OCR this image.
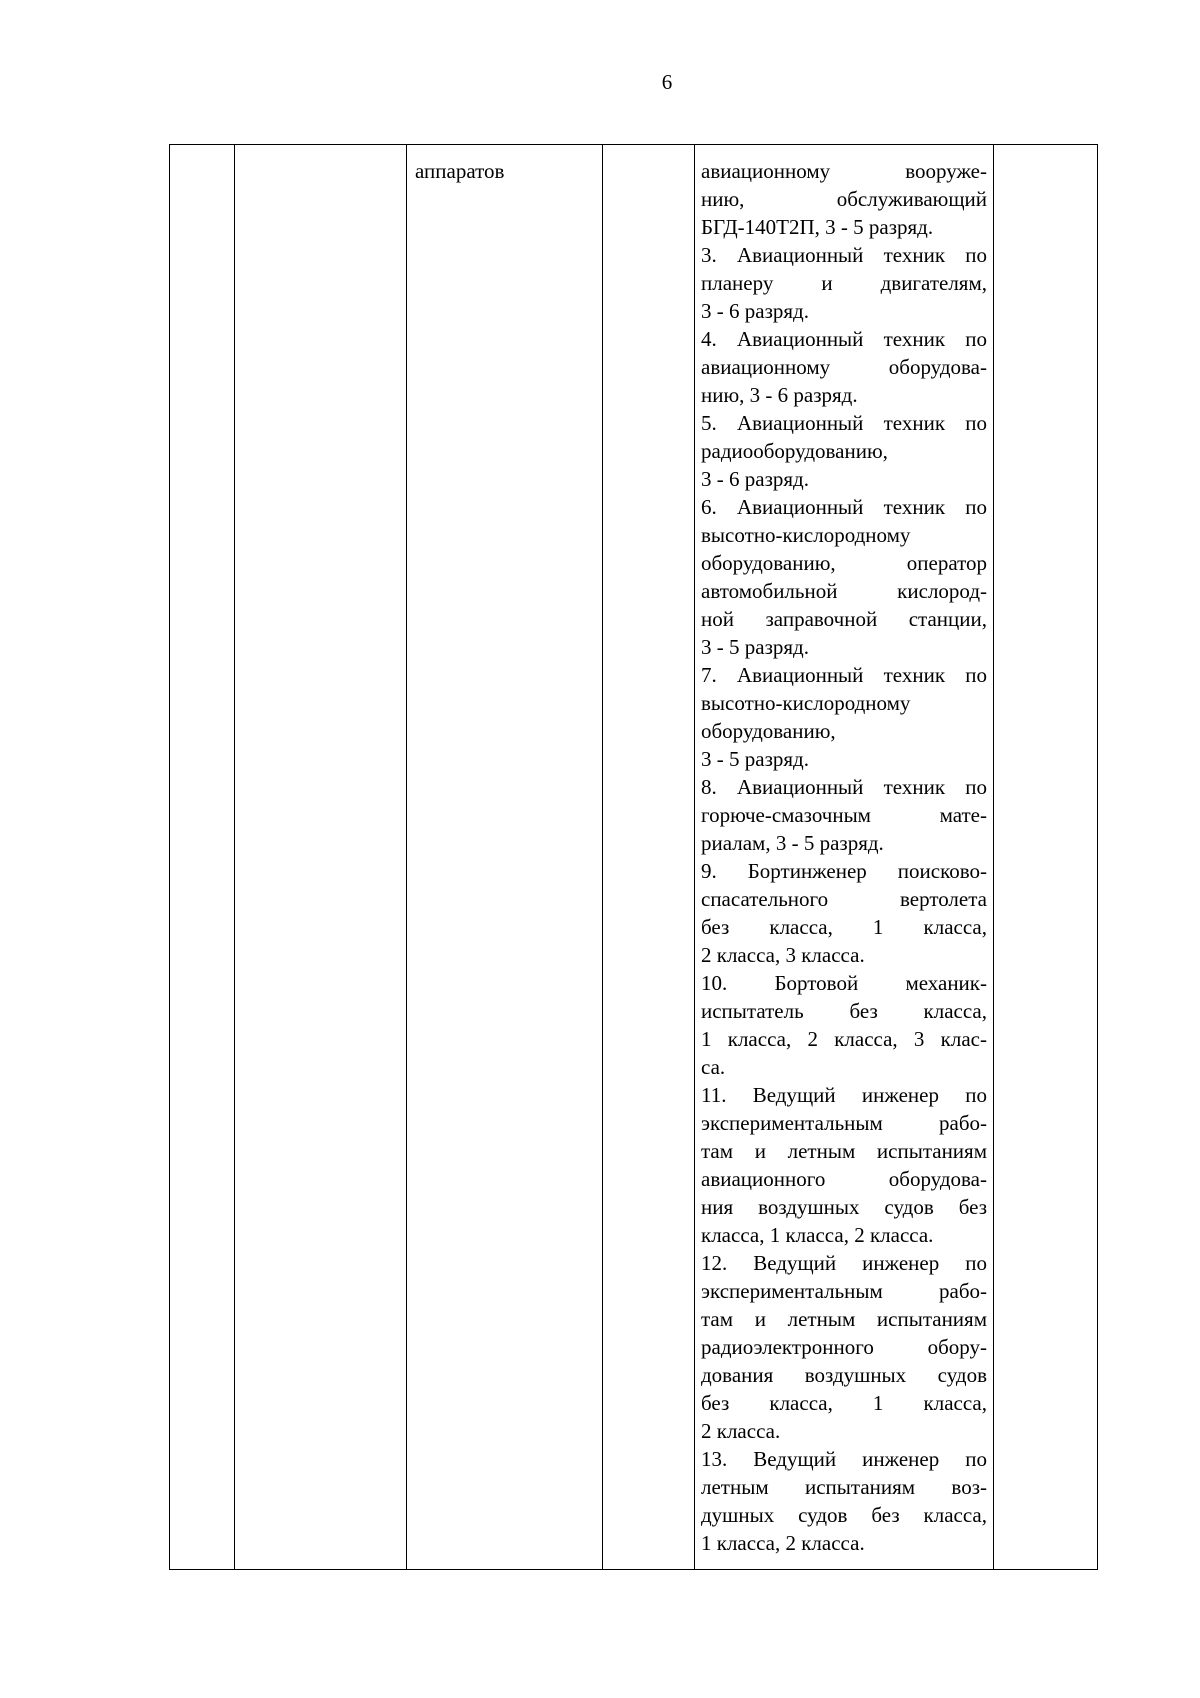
6

аппаратов		авиационному вооруже-
нию, обслуживающий
БГД-140Т2П, 3 - 5 разряд.
3. Авиационный техник по
планеру и двигателям,
3 - 6 разряд.
4. Авиационный техник по
авиационному оборудова-
нию, 3 - 6 разряд.
5. Авиационный техник по
радиооборудованию,
3 - 6 разряд.
6. Авиационный техник по
высотно-кислородному
оборудованию, оператор
автомобильной кислород-
ной заправочной станции,
3 - 5 разряд.
7. Авиационный техник по
высотно-кислородному
оборудованию,
3 - 5 разряд.
8. Авиационный техник по
горюче-смазочным мате-
риалам, 3 - 5 разряд.
9. Бортинженер поисково-
спасательного вертолета
без класса, 1 класса,
2 класса, 3 класса.
10. Бортовой механик-
испытатель без класса,
1 класса, 2 класса, 3 клас-
са.
11. Ведущий инженер по
экспериментальным рабо-
там и летным испытаниям
авиационного оборудова-
ния воздушных судов без
класса, 1 класса, 2 класса.
12. Ведущий инженер по
экспериментальным рабо-
там и летным испытаниям
радиоэлектронного обору-
дования воздушных судов
без класса, 1 класса,
2 класса.
13. Ведущий инженер по
летным испытаниям воз-
душных судов без класса,
1 класса, 2 класса.
